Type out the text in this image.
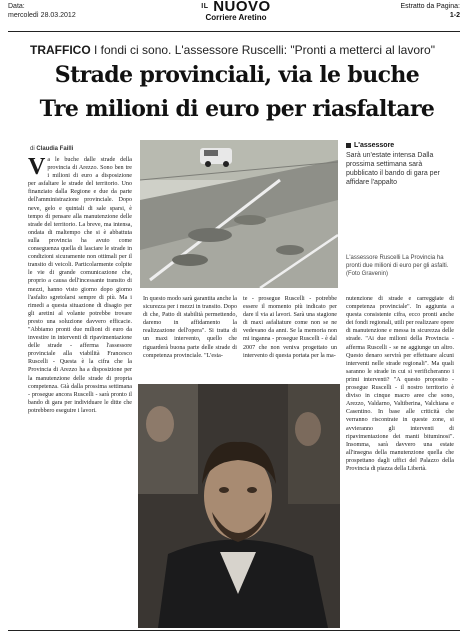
Data:
mercoledì 28.03.2012
$^{IL}$ NUOVO
Corriere Aretino
Estratto da Pagina:
1-2
TRAFFICO I fondi ci sono. L'assessore Ruscelli: "Pronti a metterci al lavoro"
Strade provinciali, via le buche
Tre milioni di euro per riasfaltare
di Claudia Failli
Va le buche dalle strade della provincia di Arezzo. Sono ben tre i milioni di euro a disposizione per asfaltare le strade del territorio. Uno finanziato dalla Regione e due da parte dell'amministrazione provinciale. Dopo neve, gelo e quintali di sale sparsi, è tempo di pensare alla manutenzione delle strade del territorio. La breve, ma intensa, ondata di maltempo che si è abbattuta sulla provincia ha avuto come conseguenza quella di lasciare le strade in condizioni sicuramente non ottimali per il transito di veicoli. Particolarmente colpite le vie di grande comunicazione che, proprio a causa dell'incessante transito di mezzi, hanno visto giorno dopo giorno l'asfalto sgretolarsi sempre di più. Ma i rimedi a questa situazione di disagio per gli aretini al volante potrebbe trovare presto una soluzione davvero efficacie. "Abbiamo pronti due milioni di euro da investire in interventi di ripavimentazione delle strade - afferma l'assessore provinciale alla viabilità Francesco Ruscelli - Questa è la cifra che la Provincia di Arezzo ha a disposizione per la manutenzione delle strade di propria competenza. Già dalla prossima settimana - prosegue ancora Ruscelli - sarà pronto il bando di gara per individuare le ditte che potrebbero eseguire i lavori.
L'assessore
Sarà un'estate intensa Dalla prossima settimana sarà pubblicato il bando di gara per affidare l'appalto
L'assessore Ruscelli La Provincia ha pronti due milioni di euro per gli asfalti. (Foto Gravenin)
In questo modo sarà garantita anche la sicurezza per i mezzi in transito. Dopo di che, Patto di stabilità permettendo, daremo in affidamento la realizzazione dell'opera". Si tratta di un maxi intervento, quello che riguarderà buona parte delle strade di competenza provinciale. "L'esta-
te - prosegue Ruscelli - potrebbe essere il momento più indicato per dare il via ai lavori. Sarà una stagione di maxi asfaltature come non se ne vedevano da anni. Se la memoria non mi inganna - prosegue Ruscelli - è dal 2007 che non veniva progettato un intervento di questa portata per la ma-
nutenzione di strade e carreggiate di competenza provinciale". In aggiunta a questa consistente cifra, ecco pronti anche dei fondi regionali, utili per realizzare opere di manutenzione e messa in sicurezza delle strade. "Ai due milioni della Provincia - afferma Ruscelli - se ne aggiunge un altro. Questo denaro servirà per effettuare alcuni interventi nelle strade regionali". Ma quali saranno le strade in cui si verificheranno i primi interventi? "A questo proposito - prosegue Ruscelli - il nostro territorio è diviso in cinque macro aree che sono, Arezzo, Valdarno, Valtiberina, Valchiana e Casentino. In base alle criticità che verranno riscontrate in queste zone, si avvieranno gli interventi di ripavimentazione dei manti bituminosi". Insomma, sarà davvero una estate all'insegna della manutenzione quella che prospettano dagli uffici del Palazzo della Provincia di piazza della Libertà.
